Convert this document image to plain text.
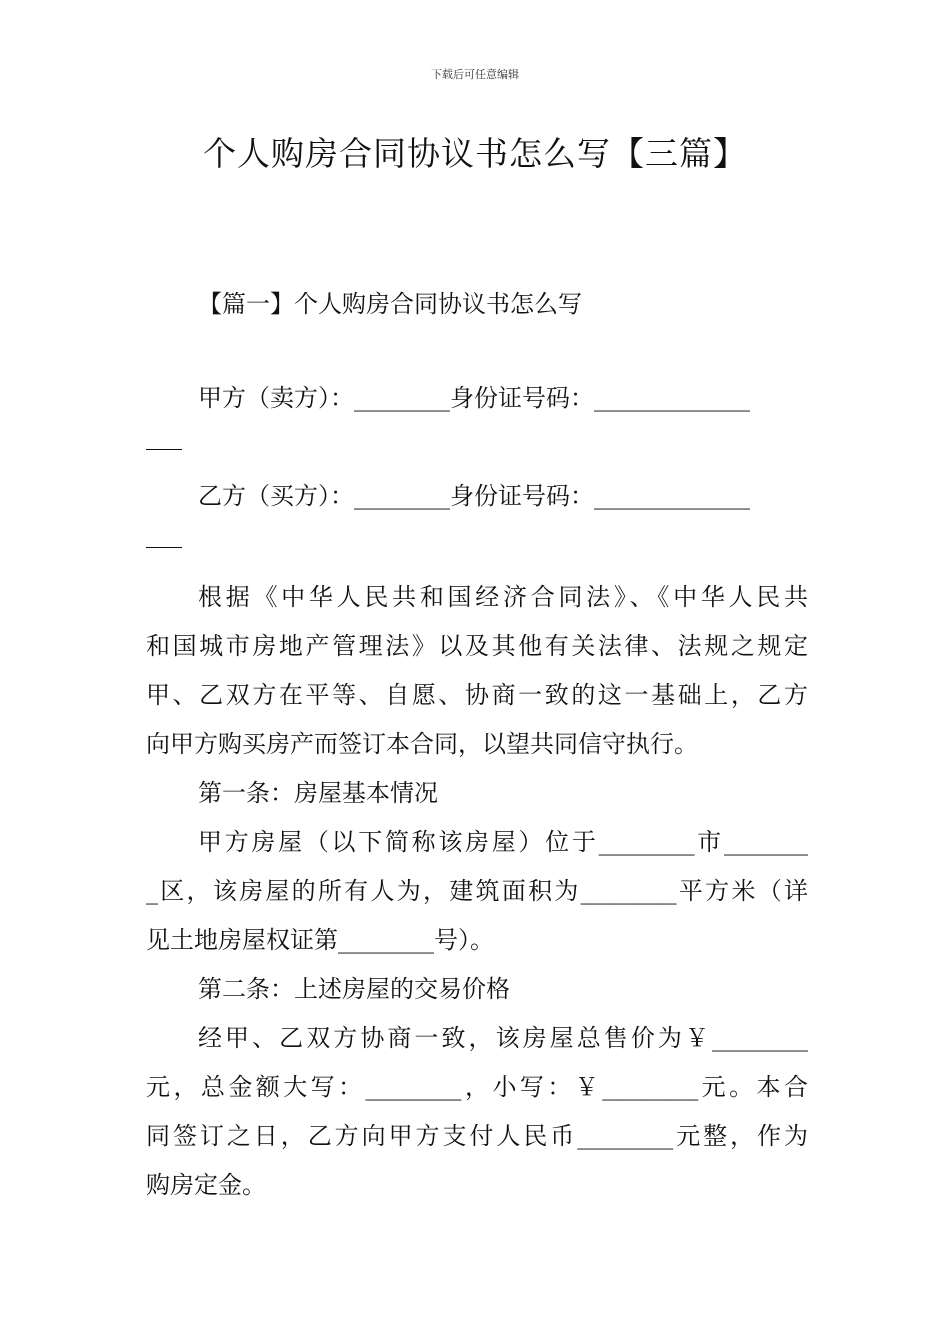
下载后可任意编辑
个人购房合同协议书怎么写【三篇】
【篇一】个人购房合同协议书怎么写
甲方（卖方）：________身份证号码：_____________
乙方（买方）：________身份证号码：_____________
根据《中华人民共和国经济合同法》、《中华人民共
和国城市房地产管理法》以及其他有关法律、法规之规定
甲、乙双方在平等、自愿、协商一致的这一基础上，乙方
向甲方购买房产而签订本合同，以望共同信守执行。
第一条：房屋基本情况
甲方房屋（以下简称该房屋）位于________市_______
_区，该房屋的所有人为，建筑面积为________平方米（详
见土地房屋权证第________号）。
第二条：上述房屋的交易价格
经甲、乙双方协商一致，该房屋总售价为￥________
元，总金额大写：________，小写：￥________元。本合
同签订之日，乙方向甲方支付人民币________元整，作为
购房定金。
